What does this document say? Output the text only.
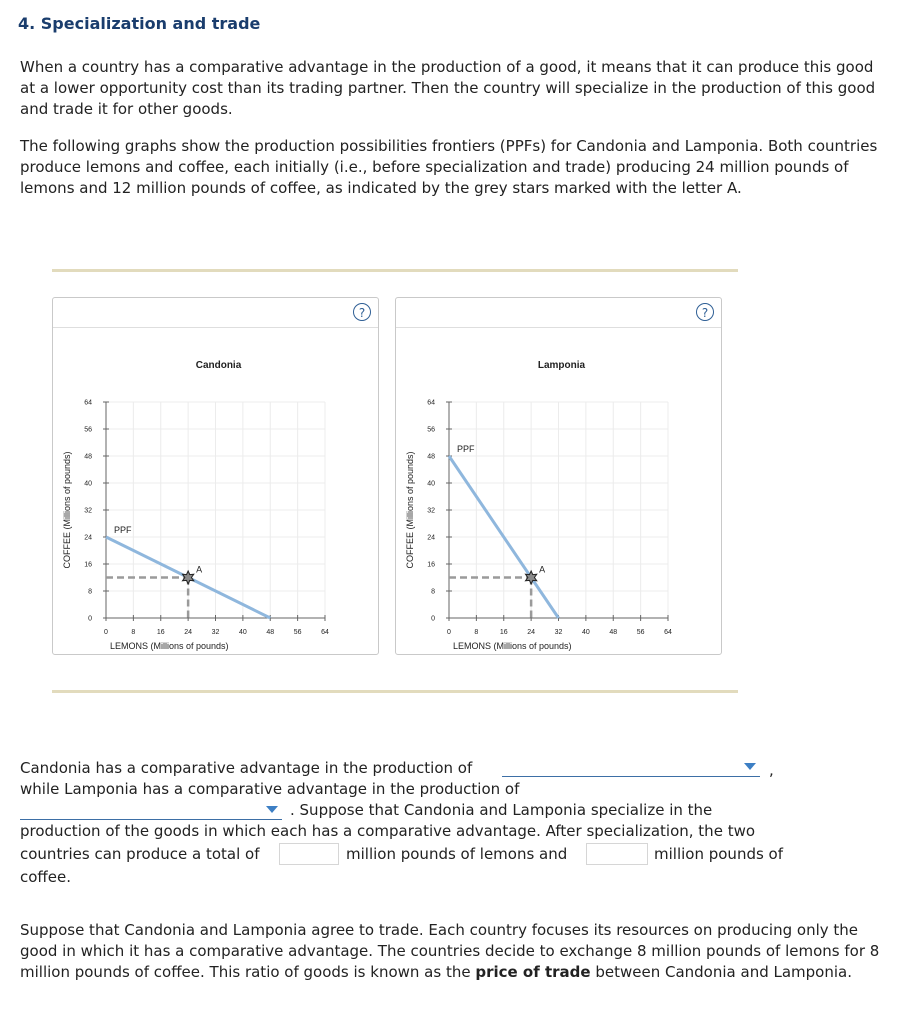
4. Specialization and trade

When a country has a comparative advantage in the production of a good, it means that it can produce this good at a lower opportunity cost than its trading partner. Then the country will specialize in the production of this good and trade it for other goods.

The following graphs show the production possibilities frontiers (PPFs) for Candonia and Lamponia. Both countries produce lemons and coffee, each initially (i.e., before specialization and trade) producing 24 million pounds of lemons and 12 million pounds of coffee, as indicated by the grey stars marked with the letter A.

?
Candonia
0
8
16
24
32
40
48
56
64
0	8	16	24	32	40	48	56	64
LEMONS (Millions of pounds)
COFFEE (Millions of pounds)	PPF
A
?
Lamponia
0
8
16
24
32
40
48
56
64
0	8	16	24	32	40	48	56	64
LEMONS (Millions of pounds)
COFFEE (Millions of pounds)
PPF
A
Candonia has a comparative advantage in the production of	,
while Lamponia has a comparative advantage in the production of
. Suppose that Candonia and Lamponia specialize in the
production of the goods in which each has a comparative advantage. After specialization, the two
countries can produce a total of	million pounds of lemons and	million pounds of
coffee.

Suppose that Candonia and Lamponia agree to trade. Each country focuses its resources on producing only the good in which it has a comparative advantage. The countries decide to exchange 8 million pounds of lemons for 8 million pounds of coffee. This ratio of goods is known as the price of trade between Candonia and Lamponia.
